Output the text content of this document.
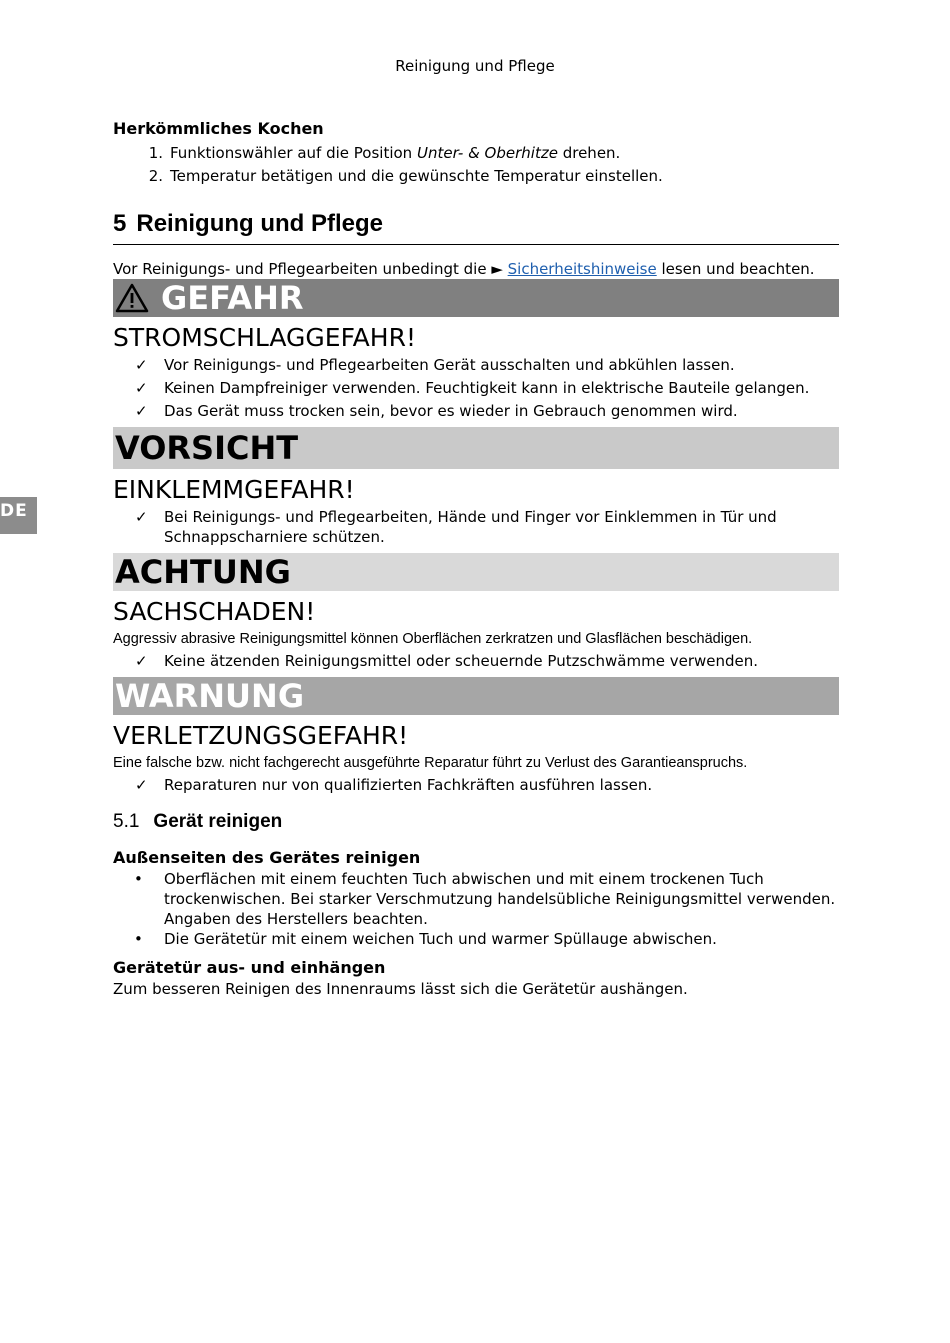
Reinigung und Pflege
DE
Herkömmliches Kochen
1. Funktionswähler auf die Position Unter- & Oberhitze drehen.
2. Temperatur betätigen und die gewünschte Temperatur einstellen.
5 Reinigung und Pflege

Vor Reinigungs- und Pflegearbeiten unbedingt die ► Sicherheitshinweise lesen und beachten.

GEFAHR
STROMSCHLAGGEFAHR!
✓	Vor Reinigungs- und Pflegearbeiten Gerät ausschalten und abkühlen lassen.
✓	Keinen Dampfreiniger verwenden. Feuchtigkeit kann in elektrische Bauteile gelangen.
✓	Das Gerät muss trocken sein, bevor es wieder in Gebrauch genommen wird.
VORSICHT
EINKLEMMGEFAHR!
✓	Bei Reinigungs- und Pflegearbeiten, Hände und Finger vor Einklemmen in Tür und Schnappscharniere schützen.
ACHTUNG
SACHSCHADEN!

Aggressiv abrasive Reinigungsmittel können Oberflächen zerkratzen und Glasflächen beschädigen.

✓	Keine ätzenden Reinigungsmittel oder scheuernde Putzschwämme verwenden.
WARNUNG
VERLETZUNGSGEFAHR!

Eine falsche bzw. nicht fachgerecht ausgeführte Reparatur führt zu Verlust des Garantieanspruchs.

✓	Reparaturen nur von qualifizierten Fachkräften ausführen lassen.
5.1 Gerät reinigen
Außenseiten des Gerätes reinigen
•	Oberflächen mit einem feuchten Tuch abwischen und mit einem trockenen Tuch trockenwischen. Bei starker Verschmutzung handelsübliche Reinigungsmittel verwenden. Angaben des Herstellers beachten.
•	Die Gerätetür mit einem weichen Tuch und warmer Spüllauge abwischen.
Gerätetür aus- und einhängen

Zum besseren Reinigen des Innenraums lässt sich die Gerätetür aushängen.
